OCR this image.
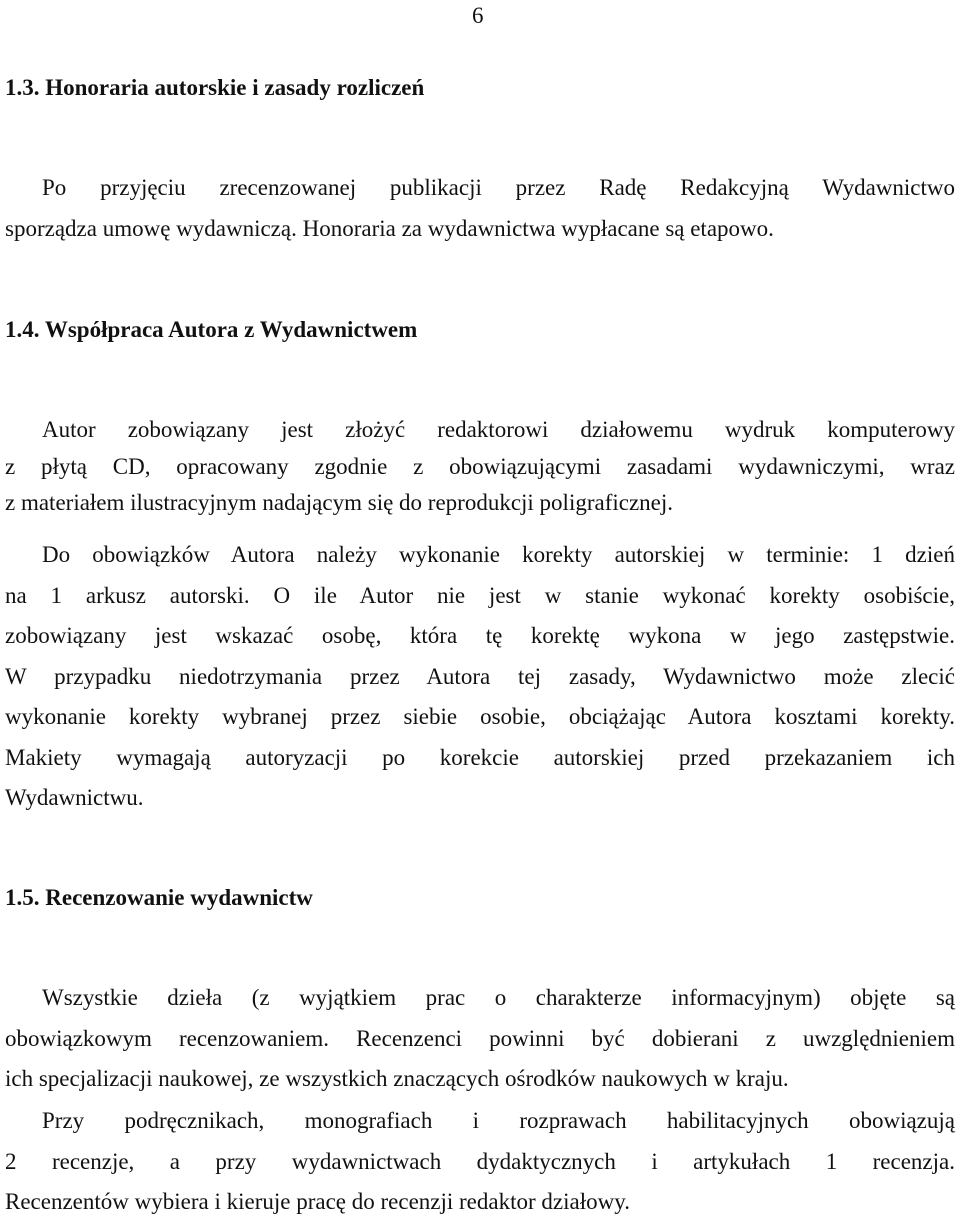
6
1.3. Honoraria autorskie i zasady rozliczeń
Po przyjęciu zrecenzowanej publikacji przez Radę Redakcyjną Wydawnictwo
sporządza umowę wydawniczą. Honoraria za wydawnictwa wypłacane są etapowo.
1.4. Współpraca Autora z Wydawnictwem
Autor zobowiązany jest złożyć redaktorowi działowemu wydruk komputerowy
z płytą CD, opracowany zgodnie z obowiązującymi zasadami wydawniczymi, wraz
z materiałem ilustracyjnym nadającym się do reprodukcji poligraficznej.
Do obowiązków Autora należy wykonanie korekty autorskiej w terminie: 1 dzień
na 1 arkusz autorski. O ile Autor nie jest w stanie wykonać korekty osobiście,
zobowiązany jest wskazać osobę, która tę korektę wykona w jego zastępstwie.
W przypadku niedotrzymania przez Autora tej zasady, Wydawnictwo może zlecić
wykonanie korekty wybranej przez siebie osobie, obciążając Autora kosztami korekty.
Makiety wymagają autoryzacji po korekcie autorskiej przed przekazaniem ich
Wydawnictwu.
1.5. Recenzowanie wydawnictw
Wszystkie dzieła (z wyjątkiem prac o charakterze informacyjnym) objęte są
obowiązkowym recenzowaniem. Recenzenci powinni być dobierani z uwzględnieniem
ich specjalizacji naukowej, ze wszystkich znaczących ośrodków naukowych w kraju.
Przy podręcznikach, monografiach i rozprawach habilitacyjnych obowiązują
2 recenzje, a przy wydawnictwach dydaktycznych i artykułach 1 recenzja.
Recenzentów wybiera i kieruje pracę do recenzji redaktor działowy.
